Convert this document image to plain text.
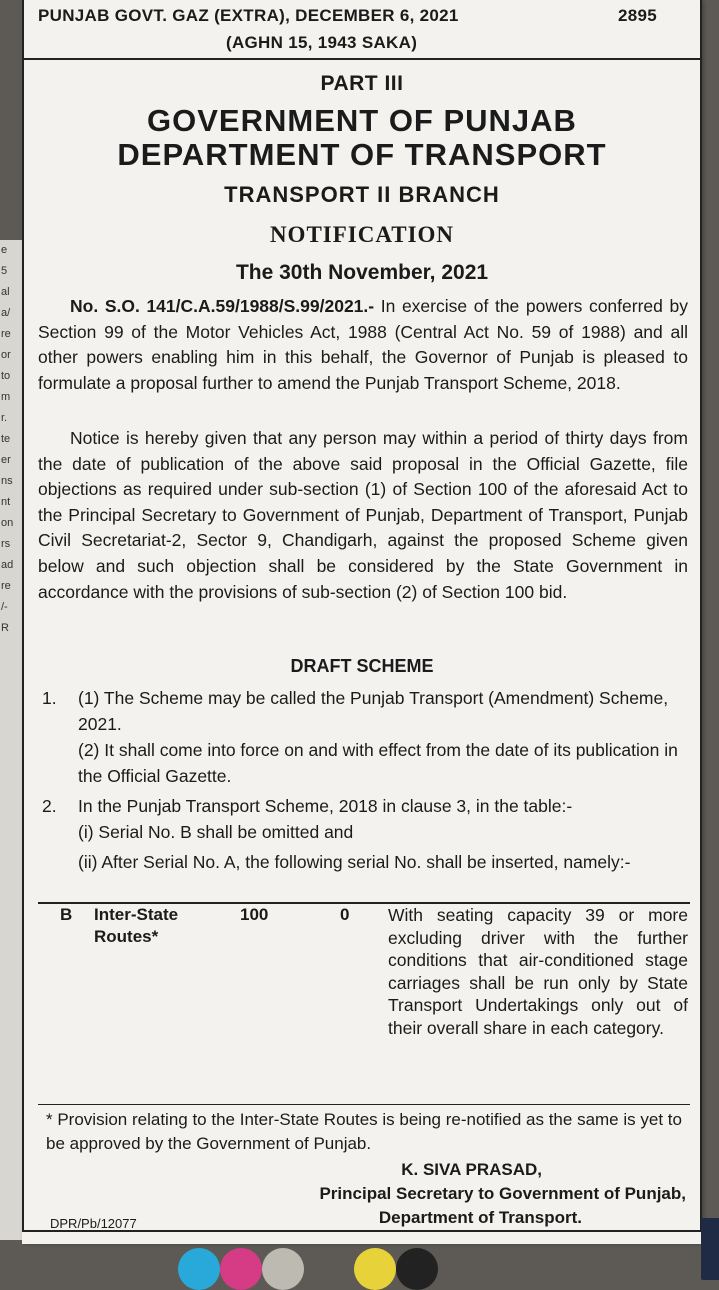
e
5
al
a/
re
or
to
m
r.
te
er
ns
nt
on
rs
ad
re
/-
R
PUNJAB GOVT. GAZ (EXTRA), DECEMBER 6, 2021	2895
(AGHN 15, 1943 SAKA)
PART III
GOVERNMENT OF PUNJAB
DEPARTMENT OF TRANSPORT
TRANSPORT II BRANCH
NOTIFICATION
The 30th November, 2021
No. S.O. 141/C.A.59/1988/S.99/2021.- In exercise of the powers conferred by Section 99 of the Motor Vehicles Act, 1988 (Central Act No. 59 of 1988) and all other powers enabling him in this behalf, the Governor of Punjab is pleased to formulate a proposal further to amend the Punjab Transport Scheme, 2018.
Notice is hereby given that any person may within a period of thirty days from the date of publication of the above said proposal in the Official Gazette, file objections as required under sub-section (1) of Section 100 of the aforesaid Act to the Principal Secretary to Government of Punjab, Department of Transport, Punjab Civil Secretariat-2, Sector 9, Chandigarh, against the proposed Scheme given below and such objection shall be considered by the State Government in accordance with the provisions of sub-section (2) of Section 100 bid.
DRAFT SCHEME
1. (1) The Scheme may be called the Punjab Transport (Amendment) Scheme, 2021.
(2) It shall come into force on and with effect from the date of its publication in the Official Gazette.
2. In the Punjab Transport Scheme, 2018 in clause 3, in the table:-
(i) Serial No. B shall be omitted and
(ii) After Serial No. A, the following serial No. shall be inserted, namely:-
B Inter-State Routes*
100	0 With seating capacity 39 or more excluding driver with the further conditions that air-conditioned stage carriages shall be run only by State Transport Undertakings only out of their overall share in each category.
* Provision relating to the Inter-State Routes is being re-notified as the same is yet to be approved by the Government of Punjab.
K. SIVA PRASAD,
Principal Secretary to Government of Punjab,
Department of Transport.
DPR/Pb/12077
